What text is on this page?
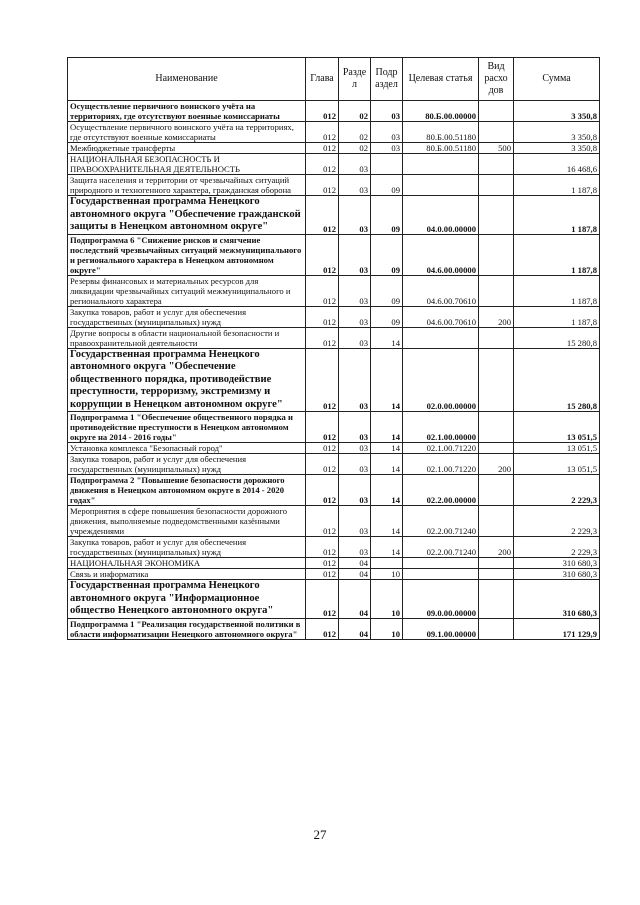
Наименование	Глава	Разде л	Подр аздел	Целевая статья	Вид расхо дов	Сумма
Осуществление первичного воинского учёта на территориях, где отсутствуют военные комиссариаты	012	02	03	80.Б.00.00000		3 350,8
Осуществление первичного воинского учёта на территориях, где отсутствуют военные комиссариаты	012	02	03	80.Б.00.51180		3 350,8
Межбюджетные трансферты	012	02	03	80.Б.00.51180	500	3 350,8
НАЦИОНАЛЬНАЯ БЕЗОПАСНОСТЬ И ПРАВООХРАНИТЕЛЬНАЯ ДЕЯТЕЛЬНОСТЬ	012	03				16 468,6
Защита населения и территории от чрезвычайных ситуаций природного и техногенного характера, гражданская оборона	012	03	09			1 187,8
Государственная программа Ненецкого автономного округа "Обеспечение гражданской защиты в Ненецком автономном округе"	012	03	09	04.0.00.00000		1 187,8
Подпрограмма 6 "Снижение рисков и смягчение последствий чрезвычайных ситуаций межмуниципального и регионального характера в Ненецком автономном округе"	012	03	09	04.6.00.00000		1 187,8
Резервы финансовых и материальных ресурсов для ликвидации чрезвычайных ситуаций межмуниципального и регионального характера	012	03	09	04.6.00.70610		1 187,8
Закупка товаров, работ и услуг для обеспечения государственных (муниципальных) нужд	012	03	09	04.6.00.70610	200	1 187,8
Другие вопросы в области национальной безопасности и правоохранительной деятельности	012	03	14			15 280,8
Государственная программа Ненецкого автономного округа "Обеспечение общественного порядка, противодействие преступности, терроризму, экстремизму и коррупции в Ненецком автономном округе"	012	03	14	02.0.00.00000		15 280,8
Подпрограмма 1 "Обеспечение общественного порядка и противодействие преступности в Ненецком автономном округе на 2014 - 2016 годы"	012	03	14	02.1.00.00000		13 051,5
Установка комплекса "Безопасный город"	012	03	14	02.1.00.71220		13 051,5
Закупка товаров, работ и услуг для обеспечения государственных (муниципальных) нужд	012	03	14	02.1.00.71220	200	13 051,5
Подпрограмма 2 "Повышение безопасности дорожного движения в Ненецком автономном округе в 2014 - 2020 годах"	012	03	14	02.2.00.00000		2 229,3
Мероприятия в сфере повышения безопасности дорожного движения, выполняемые подведомственными казёнными учреждениями	012	03	14	02.2.00.71240		2 229,3
Закупка товаров, работ и услуг для обеспечения государственных (муниципальных) нужд	012	03	14	02.2.00.71240	200	2 229,3
НАЦИОНАЛЬНАЯ ЭКОНОМИКА	012	04				310 680,3
Связь и информатика	012	04	10			310 680,3
Государственная программа Ненецкого автономного округа "Информационное общество Ненецкого автономного округа"	012	04	10	09.0.00.00000		310 680,3
Подпрограмма 1 "Реализация государственной политики в области информатизации Ненецкого автономного округа"	012	04	10	09.1.00.00000		171 129,9
27
